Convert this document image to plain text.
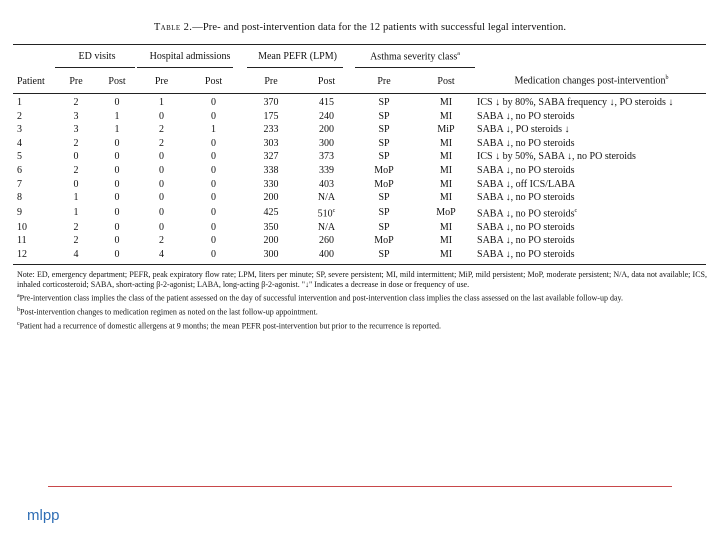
Table 2.—Pre- and post-intervention data for the 12 patients with successful legal intervention.
	ED visits		Hospital admissions		Mean PEFR (LPM)		Asthma severity class$^a$	
Patient	Pre	Post	Pre	Post	Pre	Post	Pre	Post	Medication changes post-intervention$^b$

1	2	0	1	0	370	415	SP	MI	ICS ↓ by 80%, SABA frequency ↓, PO steroids ↓
2	3	1	0	0	175	240	SP	MI	SABA ↓, no PO steroids
3	3	1	2	1	233	200	SP	MiP	SABA ↓, PO steroids ↓
4	2	0	2	0	303	300	SP	MI	SABA ↓, no PO steroids
5	0	0	0	0	327	373	SP	MI	ICS ↓ by 50%, SABA ↓, no PO steroids
6	2	0	0	0	338	339	MoP	MI	SABA ↓, no PO steroids
7	0	0	0	0	330	403	MoP	MI	SABA ↓, off ICS/LABA
8	1	0	0	0	200	N/A	SP	MI	SABA ↓, no PO steroids
9	1	0	0	0	425	510$^c$	SP	MoP	SABA ↓, no PO steroids$^c$
10	2	0	0	0	350	N/A	SP	MI	SABA ↓, no PO steroids
11	2	0	2	0	200	260	MoP	MI	SABA ↓, no PO steroids
12	4	0	4	0	300	400	SP	MI	SABA ↓, no PO steroids

Note: ED, emergency department; PEFR, peak expiratory flow rate; LPM, liters per minute; SP, severe persistent; MI, mild intermittent; MiP, mild persistent; MoP, moderate persistent; N/A, data not available; ICS, inhaled corticosteroid; SABA, short-acting β-2-agonist; LABA, long-acting β-2-agonist. "↓" Indicates a decrease in dose or frequency of use.

$^a$Pre-intervention class implies the class of the patient assessed on the day of successful intervention and post-intervention class implies the class assessed on the last available follow-up day.

$^b$Post-intervention changes to medication regimen as noted on the last follow-up appointment.

$^c$Patient had a recurrence of domestic allergens at 9 months; the mean PEFR post-intervention but prior to the recurrence is reported.

mlpp
